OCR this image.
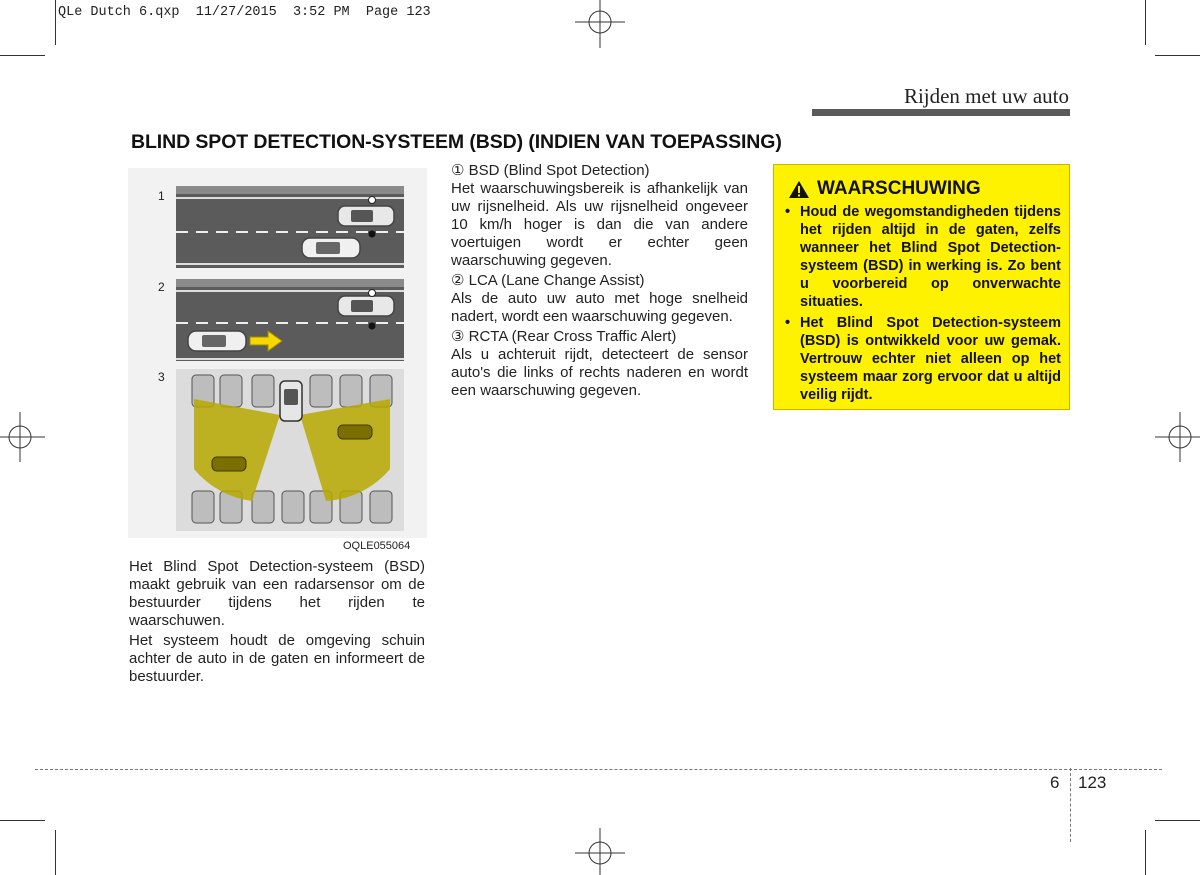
QLe Dutch 6.qxp  11/27/2015  3:52 PM  Page 123
Rijden met uw auto
BLIND SPOT DETECTION-SYSTEEM (BSD) (INDIEN VAN TOEPASSING)
1
2
3
OQLE055064
Het Blind Spot Detection-systeem (BSD) maakt gebruik van een radarsensor om de bestuurder tijdens het rijden te waarschuwen.
Het systeem houdt de omgeving schuin achter de auto in de gaten en informeert de bestuurder.
① BSD (Blind Spot Detection)
Het waarschuwingsbereik is afhankelijk van uw rijsnelheid. Als uw rijsnelheid ongeveer 10 km/h hoger is dan die van andere voertuigen wordt er echter geen waarschuwing gegeven.
② LCA (Lane Change Assist)
Als de auto uw auto met hoge snelheid nadert, wordt een waarschuwing gegeven.
③ RCTA (Rear Cross Traffic Alert)
Als u achteruit rijdt, detecteert de sensor auto's die links of rechts naderen en wordt een waarschuwing gegeven.
WAARSCHUWING
• Houd de wegomstandigheden tijdens het rijden altijd in de gaten, zelfs wanneer het Blind Spot Detection-systeem (BSD) in werking is. Zo bent u voorbereid op onverwachte situaties.
• Het Blind Spot Detection-systeem (BSD) is ontwikkeld voor uw gemak. Vertrouw echter niet alleen op het systeem maar zorg ervoor dat u altijd veilig rijdt.
6 123
